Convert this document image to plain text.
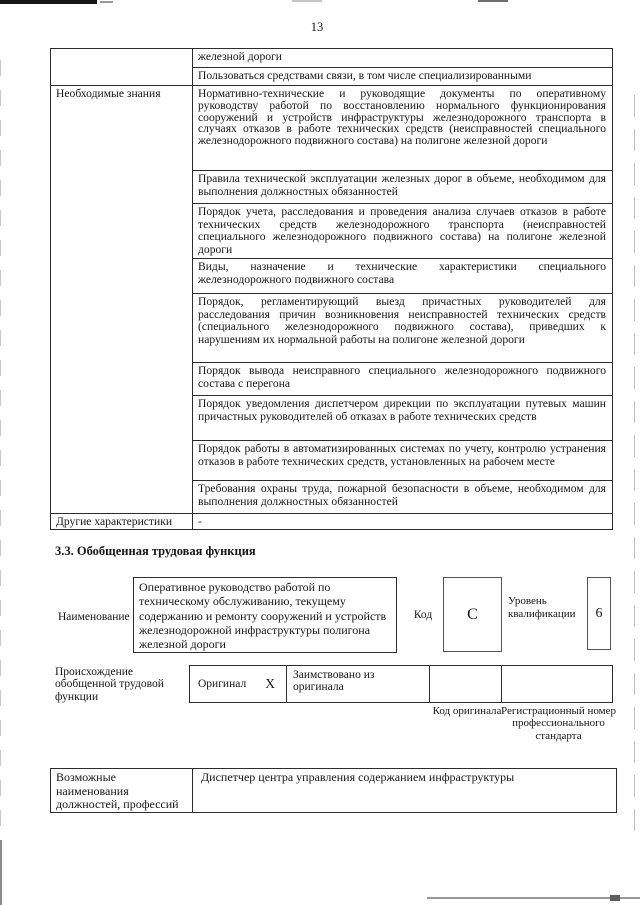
13
Необходимые знания
Другие характеристики
железной дороги
Пользоваться средствами связи, в том числе специализированными
Нормативно-технические и руководящие документы по оперативному руководству работой по восстановлению нормального функционирования сооружений и устройств инфраструктуры железнодорожного транспорта в случаях отказов в работе технических средств (неисправностей специального железнодорожного подвижного состава) на полигоне железной дороги
Правила технической эксплуатации железных дорог в объеме, необходимом для выполнения должностных обязанностей
Порядок учета, расследования и проведения анализа случаев отказов в работе технических средств железнодорожного транспорта (неисправностей специального железнодорожного подвижного состава) на полигоне железной дороги
Виды, назначение и технические характеристики специального железнодорожного подвижного состава
Порядок, регламентирующий выезд причастных руководителей для расследования причин возникновения неисправностей технических средств (специального железнодорожного подвижного состава), приведших к нарушениям их нормальной работы на полигоне железной дороги
Порядок вывода неисправного специального железнодорожного подвижного состава с перегона
Порядок уведомления диспетчером дирекции по эксплуатации путевых машин причастных руководителей об отказах в работе технических средств
Порядок работы в автоматизированных системах по учету, контролю устранения отказов в работе технических средств, установленных на рабочем месте
Требования охраны труда, пожарной безопасности в объеме, необходимом для выполнения должностных обязанностей
-
3.3. Обобщенная трудовая функция
Наименование
Оперативное руководство работой по техническому обслуживанию, текущему содержанию и ремонту сооружений и устройств железнодорожной инфраструктуры полигона железной дороги
Код	С
Уровень квалификации	6
Происхождение обобщенной трудовой функции
Оригинал X
Заимствовано из оригинала
Код оригинала Регистрационный номер профессионального стандарта
Возможные наименования должностей, профессий
Диспетчер центра управления содержанием инфраструктуры
